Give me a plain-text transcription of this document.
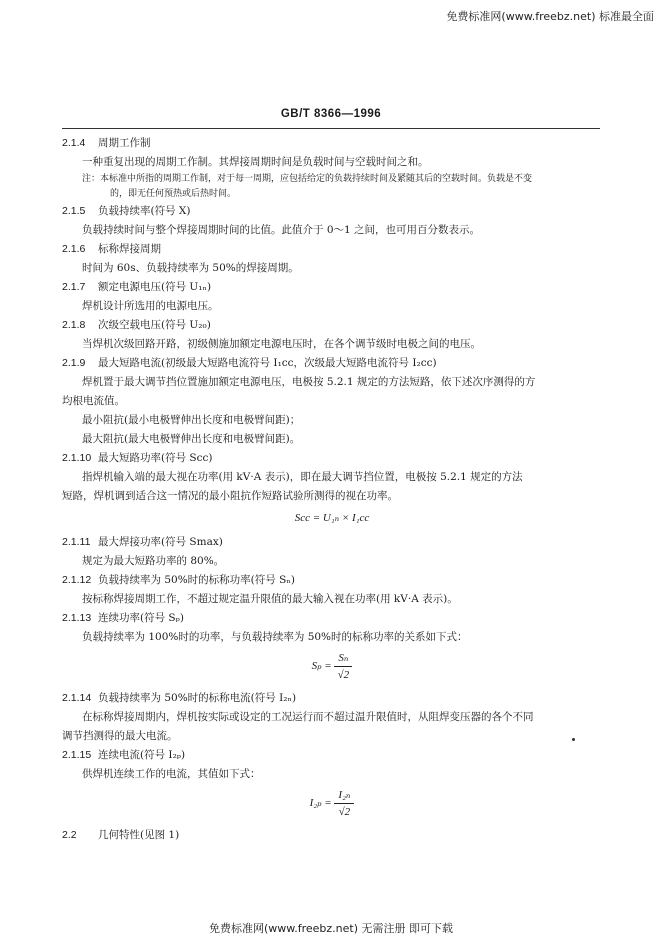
免费标准网(www.freebz.net) 标准最全面
GB/T 8366—1996
2.1.4 周期工作制
一种重复出现的周期工作制。其焊接周期时间是负载时间与空载时间之和。
注：本标准中所指的周期工作制，对于每一周期，应包括给定的负载持续时间及紧随其后的空载时间。负载是不变
的，即无任何预热或后热时间。
2.1.5 负载持续率(符号 X)
负载持续时间与整个焊接周期时间的比值。此值介于 0～1 之间，也可用百分数表示。
2.1.6 标称焊接周期
时间为 60s、负载持续率为 50%的焊接周期。
2.1.7 额定电源电压(符号 U₁ₙ)
焊机设计所选用的电源电压。
2.1.8 次级空载电压(符号 U₂₀)
当焊机次级回路开路，初级侧施加额定电源电压时，在各个调节级时电极之间的电压。
2.1.9 最大短路电流(初级最大短路电流符号 I₁cc，次级最大短路电流符号 I₂cc)
焊机置于最大调节挡位置施加额定电源电压，电极按 5.2.1 规定的方法短路，依下述次序测得的方
均根电流值。
最小阻抗(最小电极臂伸出长度和电极臂间距)；
最大阻抗(最大电极臂伸出长度和电极臂间距)。
2.1.10 最大短路功率(符号 Scc)
指焊机输入端的最大视在功率(用 kV·A 表示)，即在最大调节挡位置，电极按 5.2.1 规定的方法
短路，焊机调到适合这一情况的最小阻抗作短路试验所测得的视在功率。
Scc = U₁ₙ × I₁cc
2.1.11 最大焊接功率(符号 Smax)
规定为最大短路功率的 80%。
2.1.12 负载持续率为 50%时的标称功率(符号 Sₙ)
按标称焊接周期工作，不超过规定温升限值的最大输入视在功率(用 kV·A 表示)。
2.1.13 连续功率(符号 Sₚ)
负载持续率为 100%时的功率，与负载持续率为 50%时的标称功率的关系如下式：
$S_p = \frac{\text{Sₙ}}{√2}$
2.1.14 负载持续率为 50%时的标称电流(符号 I₂ₙ)
在标称焊接周期内，焊机按实际或设定的工况运行而不超过温升限值时，从阻焊变压器的各个不同
调节挡测得的最大电流。
2.1.15 连续电流(符号 I₂ₚ)
供焊机连续工作的电流，其值如下式：
$I_{2p} = \frac{\text{I₂ₙ}}{√2}$
2.2 几何特性(见图 1)
免费标准网(www.freebz.net) 无需注册 即可下载
